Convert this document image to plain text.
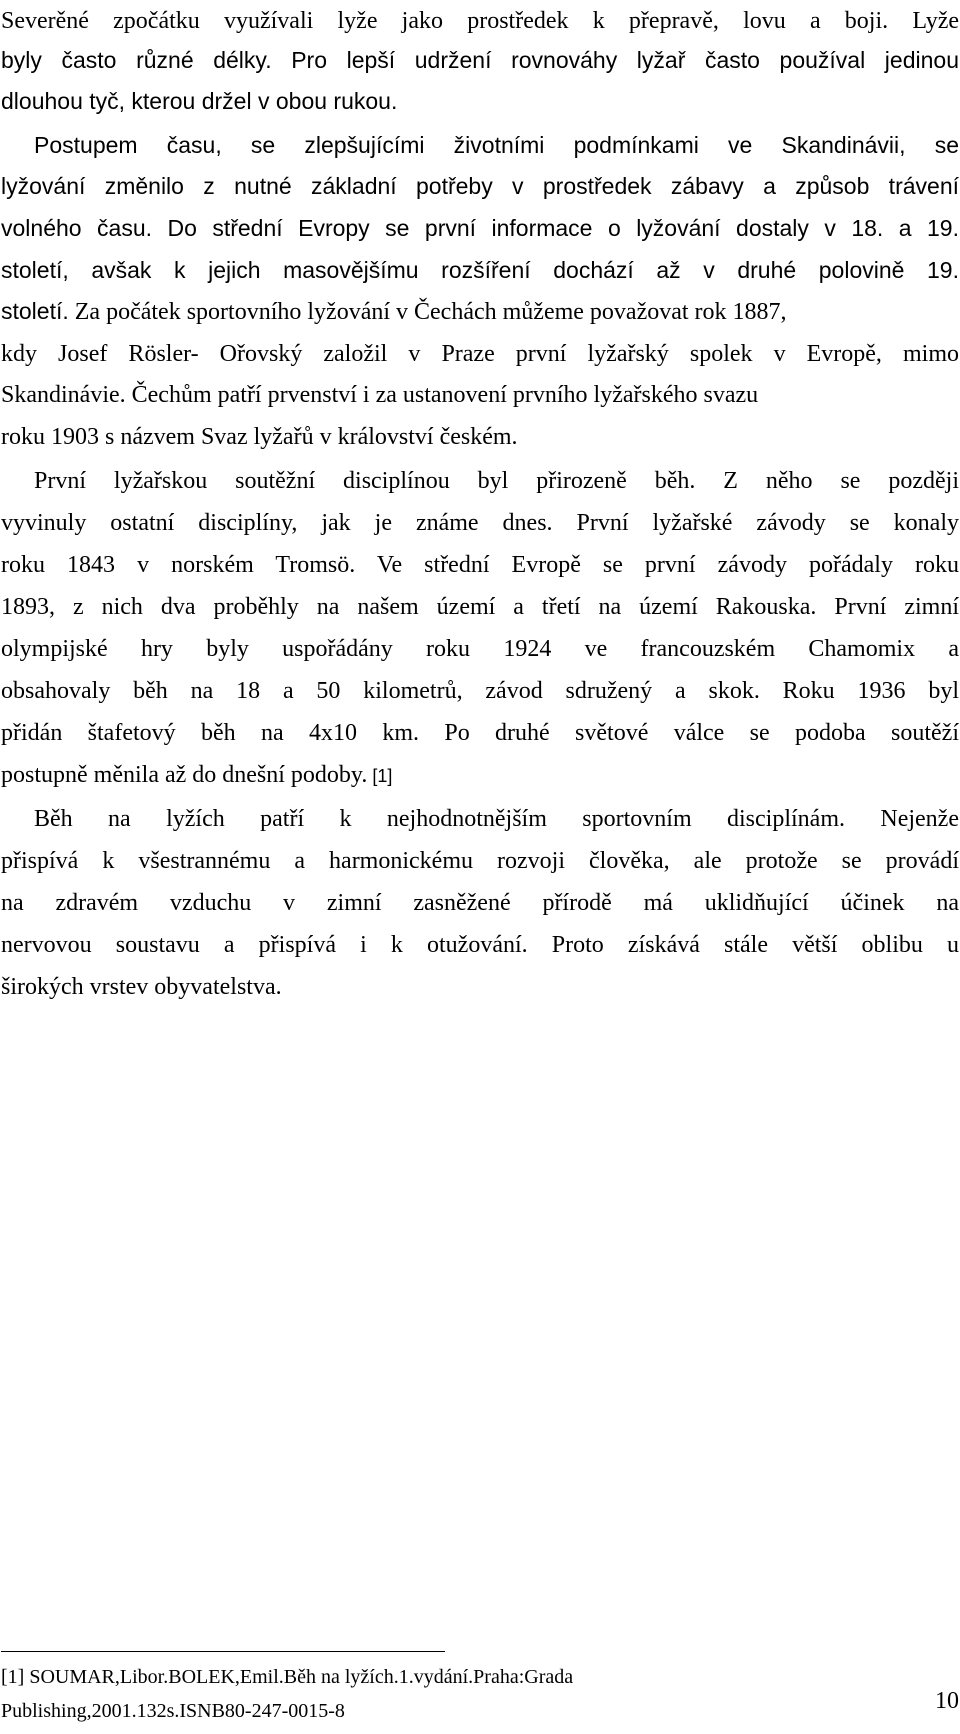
Severěné zpočátku využívali lyže jako prostředek k přepravě, lovu a boji. Lyže
byly často různé délky. Pro lepší udržení rovnováhy lyžař často používal jedinou
dlouhou tyč, kterou držel v obou rukou.
Postupem času, se zlepšujícími životními podmínkami ve Skandinávii, se
lyžování změnilo z nutné základní potřeby v prostředek zábavy a způsob trávení
volného času. Do střední Evropy se první informace o lyžování dostaly v 18. a 19.
století, avšak k jejich masovějšímu rozšíření dochází až v druhé polovině 19.
století. Za počátek sportovního lyžování v Čechách můžeme považovat rok 1887,
kdy Josef Rösler- Ořovský založil v Praze první lyžařský spolek v Evropě, mimo
Skandinávie. Čechům patří prvenství i za ustanovení prvního lyžařského svazu
roku 1903 s názvem Svaz lyžařů v království českém.
První lyžařskou soutěžní disciplínou byl přirozeně běh. Z něho se později
vyvinuly ostatní disciplíny, jak je známe dnes. První lyžařské závody se konaly
roku 1843 v norském Tromsö. Ve střední Evropě se první závody pořádaly roku
1893, z nich dva proběhly na našem území a třetí na území Rakouska. První zimní
olympijské hry byly uspořádány roku 1924 ve francouzském Chamomix a
obsahovaly běh na 18 a 50 kilometrů, závod sdružený a skok. Roku 1936 byl
přidán štafetový běh na 4x10 km. Po druhé světové válce se podoba soutěží
postupně měnila až do dnešní podoby. [1]
Běh na lyžích patří k nejhodnotnějším sportovním disciplínám. Nejenže
přispívá k všestrannému a harmonickému rozvoji člověka, ale protože se provádí
na zdravém vzduchu v zimní zasněžené přírodě má uklidňující účinek na
nervovou soustavu a přispívá i k otužování. Proto získává stále větší oblibu u
širokých vrstev obyvatelstva.
[1] SOUMAR,Libor.BOLEK,Emil.Běh na lyžích.1.vydání.Praha:Grada
Publishing,2001.132s.ISNB80-247-0015-8	10
